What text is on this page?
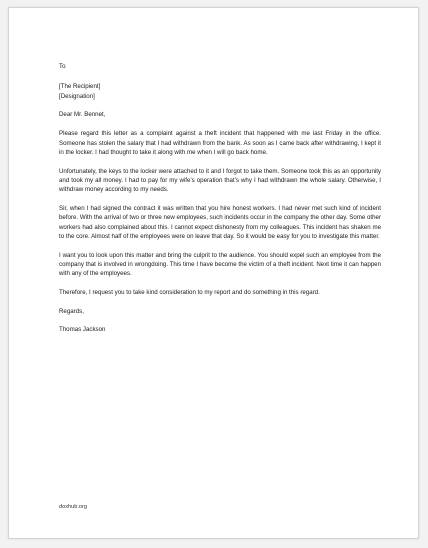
To

[The Recipient]

[Designation]

Dear Mr. Bennet,

Please regard this letter as a complaint against a theft incident that happened with me last Friday in the office. Someone has stolen the salary that I had withdrawn from the bank. As soon as I came back after withdrawing, I kept it in the locker. I had thought to take it along with me when I will go back home.

Unfortunately, the keys to the locker were attached to it and I forgot to take them. Someone took this as an opportunity and took my all money. I had to pay for my wife’s operation that’s why I had withdrawn the whole salary. Otherwise, I withdraw money according to my needs.

Sir, when I had signed the contract it was written that you hire honest workers. I had never met such kind of incident before. With the arrival of two or three new employees, such incidents occur in the company the other day. Some other workers had also complained about this. I cannot expect dishonesty from my colleagues. This incident has shaken me to the core. Almost half of the employees were on leave that day. So it would be easy for you to investigate this matter.

I want you to look upon this matter and bring the culprit to the audience. You should expel such an employee from the company that is involved in wrongdoing. This time I have become the victim of a theft incident. Next time it can happen with any of the employees.

Therefore, I request you to take kind consideration to my report and do something in this regard.

Regards,

Thomas Jackson

doxhub.org
